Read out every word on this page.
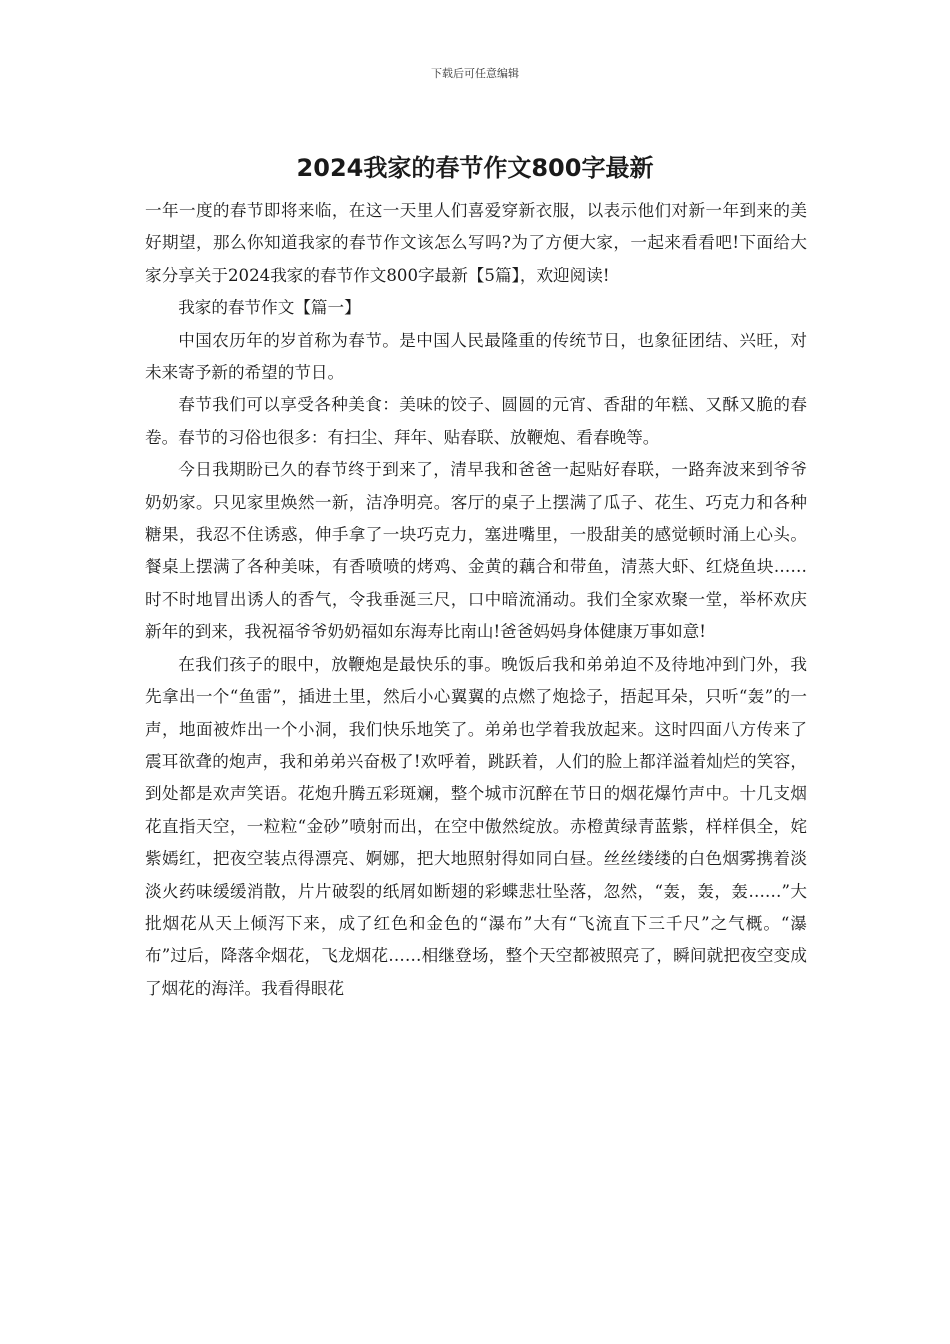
下载后可任意编辑
2024我家的春节作文800字最新

一年一度的春节即将来临，在这一天里人们喜爱穿新衣服，以表示他们对新一年到来的美好期望，那么你知道我家的春节作文该怎么写吗?为了方便大家，一起来看看吧!下面给大家分享关于2024我家的春节作文800字最新【5篇】，欢迎阅读!

我家的春节作文【篇一】

中国农历年的岁首称为春节。是中国人民最隆重的传统节日，也象征团结、兴旺，对未来寄予新的希望的节日。

春节我们可以享受各种美食：美味的饺子、圆圆的元宵、香甜的年糕、又酥又脆的春卷。春节的习俗也很多：有扫尘、拜年、贴春联、放鞭炮、看春晚等。

今日我期盼已久的春节终于到来了，清早我和爸爸一起贴好春联，一路奔波来到爷爷奶奶家。只见家里焕然一新，洁净明亮。客厅的桌子上摆满了瓜子、花生、巧克力和各种糖果，我忍不住诱惑，伸手拿了一块巧克力，塞进嘴里，一股甜美的感觉顿时涌上心头。餐桌上摆满了各种美味，有香喷喷的烤鸡、金黄的藕合和带鱼，清蒸大虾、红烧鱼块……时不时地冒出诱人的香气，令我垂涎三尺，口中暗流涌动。我们全家欢聚一堂，举杯欢庆新年的到来，我祝福爷爷奶奶福如东海寿比南山!爸爸妈妈身体健康万事如意!

在我们孩子的眼中，放鞭炮是最快乐的事。晚饭后我和弟弟迫不及待地冲到门外，我先拿出一个“鱼雷”，插进土里，然后小心翼翼的点燃了炮捻子，捂起耳朵，只听“轰”的一声，地面被炸出一个小洞，我们快乐地笑了。弟弟也学着我放起来。这时四面八方传来了震耳欲聋的炮声，我和弟弟兴奋极了!欢呼着，跳跃着，人们的脸上都洋溢着灿烂的笑容，到处都是欢声笑语。花炮升腾五彩斑斓，整个城市沉醉在节日的烟花爆竹声中。十几支烟花直指天空，一粒粒“金砂”喷射而出，在空中傲然绽放。赤橙黄绿青蓝紫，样样俱全，姹紫嫣红，把夜空装点得漂亮、婀娜，把大地照射得如同白昼。丝丝缕缕的白色烟雾携着淡淡火药味缓缓消散，片片破裂的纸屑如断翅的彩蝶悲壮坠落，忽然，“轰，轰，轰……”大批烟花从天上倾泻下来，成了红色和金色的“瀑布”大有“飞流直下三千尺”之气概。“瀑布”过后，降落伞烟花，飞龙烟花……相继登场，整个天空都被照亮了，瞬间就把夜空变成了烟花的海洋。我看得眼花
